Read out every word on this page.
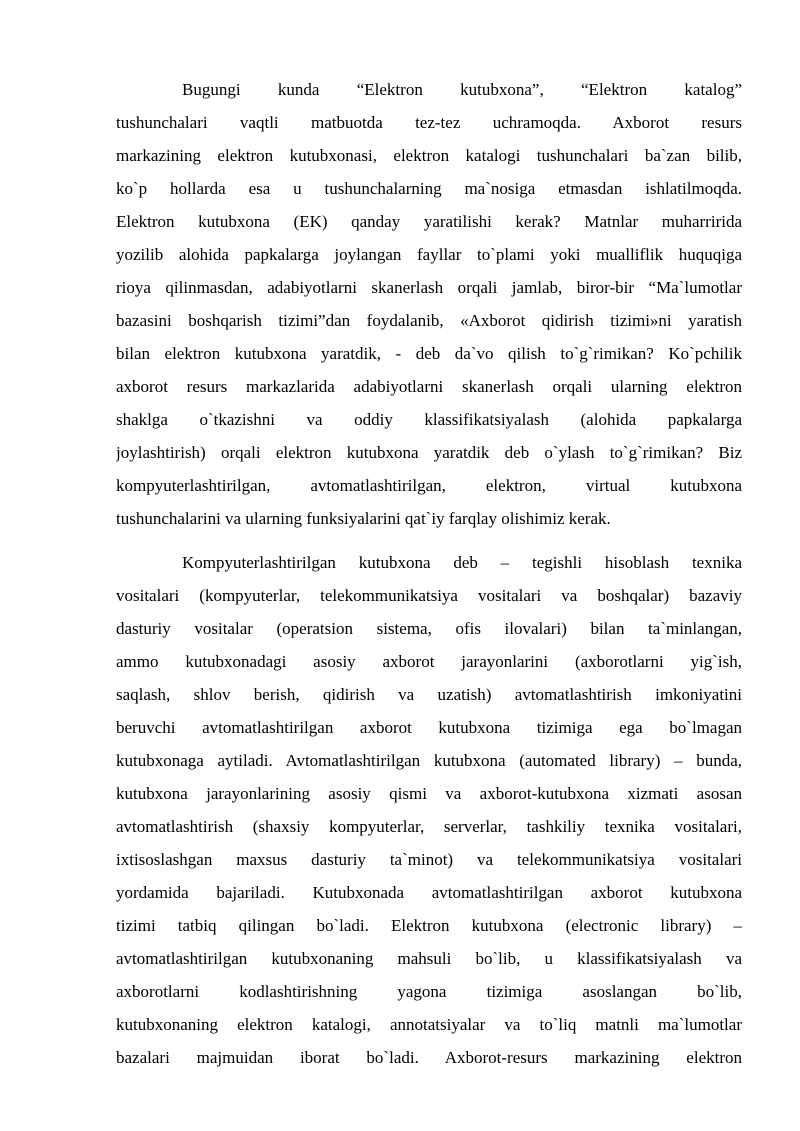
Bugungi kunda “Elektron kutubxona”, “Elektron katalog”
tushunchalari vaqtli matbuotda tez-tez uchramoqda. Axborot resurs
markazining elektron kutubxonasi, elektron katalogi tushunchalari ba`zan bilib,
ko`p hollarda esa u tushunchalarning ma`nosiga etmasdan ishlatilmoqda.
Elektron kutubxona (EK) qanday yaratilishi kerak? Matnlar muharririda
yozilib alohida papkalarga joylangan fayllar to`plami yoki mualliflik huquqiga
rioya qilinmasdan, adabiyotlarni skanerlash orqali jamlab, biror-bir “Ma`lumotlar
bazasini boshqarish tizimi”dan foydalanib, «Axborot qidirish tizimi»ni yaratish
bilan elektron kutubxona yaratdik, - deb da`vo qilish to`g`rimikan? Ko`pchilik
axborot resurs markazlarida adabiyotlarni skanerlash orqali ularning elektron
shaklga o`tkazishni va oddiy klassifikatsiyalash (alohida papkalarga
joylashtirish) orqali elektron kutubxona yaratdik deb o`ylash to`g`rimikan? Biz
kompyuterlashtirilgan, avtomatlashtirilgan, elektron, virtual kutubxona
tushunchalarini va ularning funksiyalarini qat`iy farqlay olishimiz kerak.
Kompyuterlashtirilgan kutubxona deb – tegishli hisoblash texnika
vositalari (kompyuterlar, telekommunikatsiya vositalari va boshqalar) bazaviy
dasturiy vositalar (operatsion sistema, ofis ilovalari) bilan ta`minlangan,
ammo kutubxonadagi asosiy axborot jarayonlarini (axborotlarni yig`ish,
saqlash, shlov berish, qidirish va uzatish) avtomatlashtirish imkoniyatini
beruvchi avtomatlashtirilgan axborot kutubxona tizimiga ega bo`lmagan
kutubxonaga aytiladi. Avtomatlashtirilgan kutubxona (automated library) – bunda,
kutubxona jarayonlarining asosiy qismi va axborot-kutubxona xizmati asosan
avtomatlashtirish (shaxsiy kompyuterlar, serverlar, tashkiliy texnika vositalari,
ixtisoslashgan maxsus dasturiy ta`minot) va telekommunikatsiya vositalari
yordamida bajariladi. Kutubxonada avtomatlashtirilgan axborot kutubxona
tizimi tatbiq qilingan bo`ladi. Elektron kutubxona (electronic library) –
avtomatlashtirilgan kutubxonaning mahsuli bo`lib, u klassifikatsiyalash va
axborotlarni kodlashtirishning yagona tizimiga asoslangan bo`lib,
kutubxonaning elektron katalogi, annotatsiyalar va to`liq matnli ma`lumotlar
bazalari majmuidan iborat bo`ladi. Axborot-resurs markazining elektron
